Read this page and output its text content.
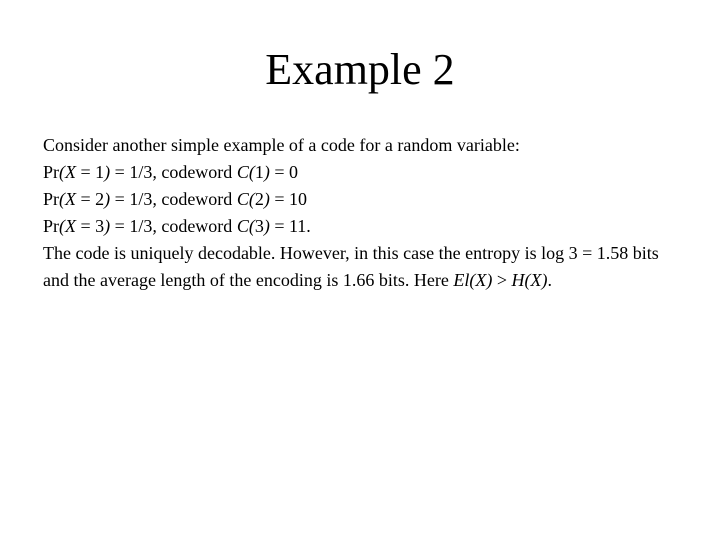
Example 2
Consider another simple example of a code for a random variable:
Pr(X = 1) = 1/3, codeword C(1) = 0
Pr(X = 2) = 1/3, codeword C(2) = 10
Pr(X = 3) = 1/3, codeword C(3) = 11.
The code is uniquely decodable. However, in this case the entropy is log 3 = 1.58 bits and the average length of the encoding is 1.66 bits. Here El(X) > H(X).
